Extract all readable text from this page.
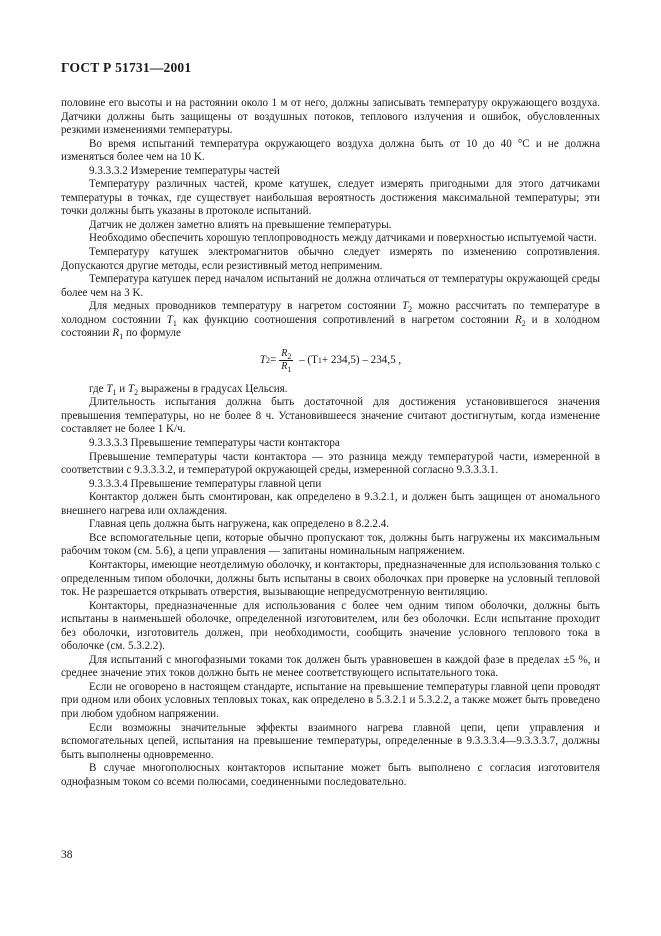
ГОСТ Р 51731—2001

половине его высоты и на растоянии около 1 м от него, должны записывать температуру окружающего воздуха. Датчики должны быть защищены от воздушных потоков, теплового излучения и ошибок, обусловленных резкими изменениями температуры.

Во время испытаний температура окружающего воздуха должна быть от 10 до 40 °С и не должна изменяться более чем на 10 K.

9.3.3.3.2 Измерение температуры частей

Температуру различных частей, кроме катушек, следует измерять пригодными для этого датчиками температуры в точках, где существует наибольшая вероятность достижения максимальной температуры; эти точки должны быть указаны в протоколе испытаний.

Датчик не должен заметно влиять на превышение температуры.

Необходимо обеспечить хорошую теплопроводность между датчиками и поверхностью испытуемой части.

Температуру катушек электромагнитов обычно следует измерять по изменению сопротивления. Допускаются другие методы, если резистивный метод неприменим.

Температура катушек перед началом испытаний не должна отличаться от температуры окружающей среды более чем на 3 K.

Для медных проводников температуру в нагретом состоянии $T_2$ можно рассчитать по температуре в холодном состоянии $T_1$ как функцию соотношения сопротивлений в нагретом состоянии $R_2$ и в холодном состоянии $R_1$ по формуле

T $2 = \frac{R_2}{R_1} - (T$ 1 + 234,5) – 234,5 ,

где $T_1$ и $T_2$ выражены в градусах Цельсия.

Длительность испытания должна быть достаточной для достижения установившегося значения превышения температуры, но не более 8 ч. Установившееся значение считают достигнутым, когда изменение составляет не более 1 K/ч.

9.3.3.3.3 Превышение температуры части контактора

Превышение температуры части контактора — это разница между температурой части, измеренной в соответствии с 9.3.3.3.2, и температурой окружающей среды, измеренной согласно 9.3.3.3.1.

9.3.3.3.4 Превышение температуры главной цепи

Контактор должен быть смонтирован, как определено в 9.3.2.1, и должен быть защищен от аномального внешнего нагрева или охлаждения.

Главная цепь должна быть нагружена, как определено в 8.2.2.4.

Все вспомогательные цепи, которые обычно пропускают ток, должны быть нагружены их максимальным рабочим током (см. 5.6), а цепи управления — запитаны номинальным напряжением.

Контакторы, имеющие неотделимую оболочку, и контакторы, предназначенные для использования только с определенным типом оболочки, должны быть испытаны в своих оболочках при проверке на условный тепловой ток. Не разрешается открывать отверстия, вызывающие непредусмотренную вентиляцию.

Контакторы, предназначенные для использования с более чем одним типом оболочки, должны быть испытаны в наименьшей оболочке, определенной изготовителем, или без оболочки. Если испытание проходит без оболочки, изготовитель должен, при необходимости, сообщить значение условного теплового тока в оболочке (см. 5.3.2.2).

Для испытаний с многофазными токами ток должен быть уравновешен в каждой фазе в пределах ±5 %, и среднее значение этих токов должно быть не менее соответствующего испытательного тока.

Если не оговорено в настоящем стандарте, испытание на превышение температуры главной цепи проводят при одном или обоих условных тепловых токах, как определено в 5.3.2.1 и 5.3.2.2, а также может быть проведено при любом удобном напряжении.

Если возможны значительные эффекты взаимного нагрева главной цепи, цепи управления и вспомогательных цепей, испытания на превышение температуры, определенные в 9.3.3.3.4—9.3.3.3.7, должны быть выполнены одновременно.

В случае многополюсных контакторов испытание может быть выполнено с согласия изготовителя однофазным током со всеми полюсами, соединенными последовательно.

38
